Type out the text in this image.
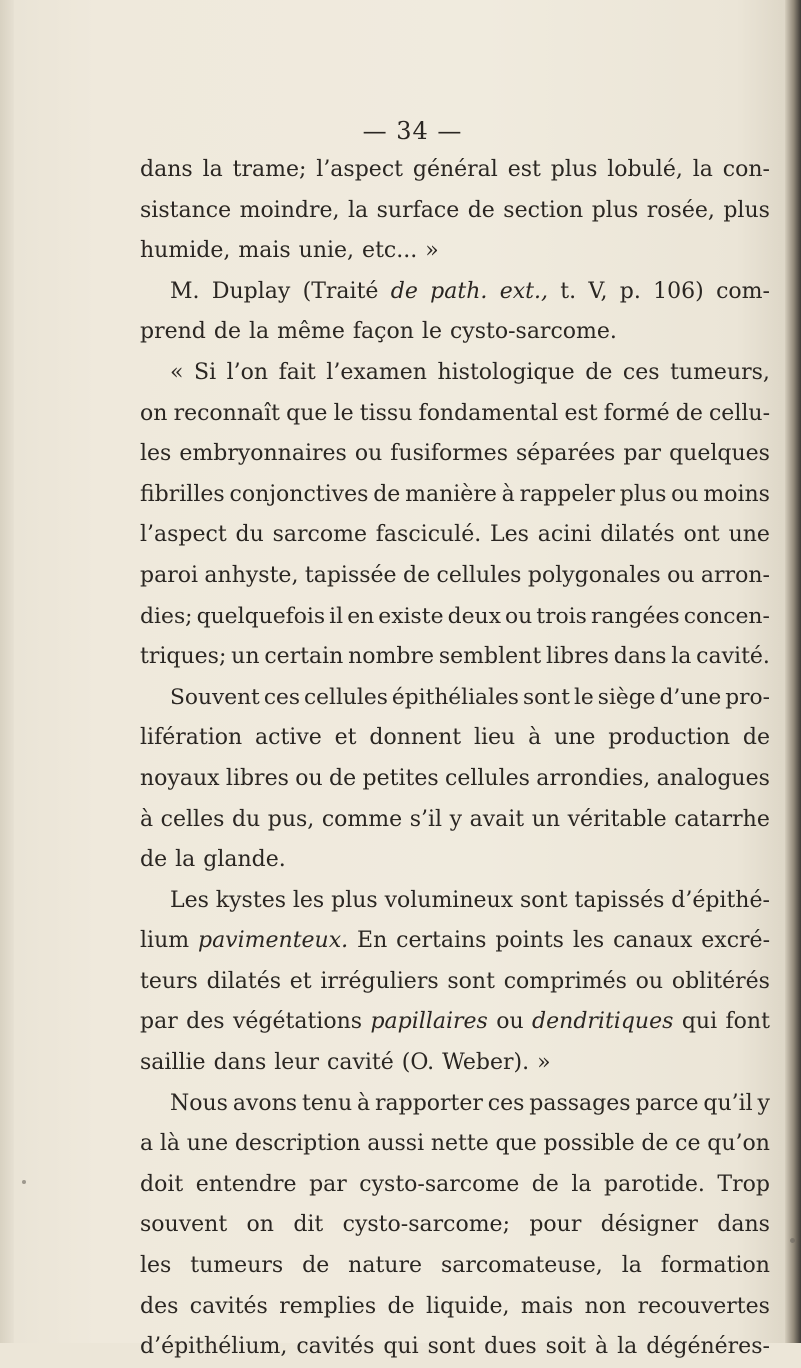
— 34 —
dans la trame; l’aspect général est plus lobulé, la con-
sistance moindre, la surface de section plus rosée, plus
humide, mais unie, etc... »
M. Duplay (Traité de path. ext., t. V, p. 106) com-
prend de la même façon le cysto-sarcome.
« Si l’on fait l’examen histologique de ces tumeurs,
on reconnaît que le tissu fondamental est formé de cellu-
les embryonnaires ou fusiformes séparées par quelques
fibrilles conjonctives de manière à rappeler plus ou moins
l’aspect du sarcome fasciculé. Les acini dilatés ont une
paroi anhyste, tapissée de cellules polygonales ou arron-
dies; quelquefois il en existe deux ou trois rangées concen-
triques; un certain nombre semblent libres dans la cavité.
Souvent ces cellules épithéliales sont le siège d’une pro-
lifération active et donnent lieu à une production de
noyaux libres ou de petites cellules arrondies, analogues
à celles du pus, comme s’il y avait un véritable catarrhe
de la glande.
Les kystes les plus volumineux sont tapissés d’épithé-
lium pavimenteux. En certains points les canaux excré-
teurs dilatés et irréguliers sont comprimés ou oblitérés
par des végétations papillaires ou dendritiques qui font
saillie dans leur cavité (O. Weber). »
Nous avons tenu à rapporter ces passages parce qu’il y
a là une description aussi nette que possible de ce qu’on
doit entendre par cysto-sarcome de la parotide. Trop
souvent on dit cysto-sarcome; pour désigner dans
les tumeurs de nature sarcomateuse, la formation
des cavités remplies de liquide, mais non recouvertes
d’épithélium, cavités qui sont dues soit à la dégénéres-
